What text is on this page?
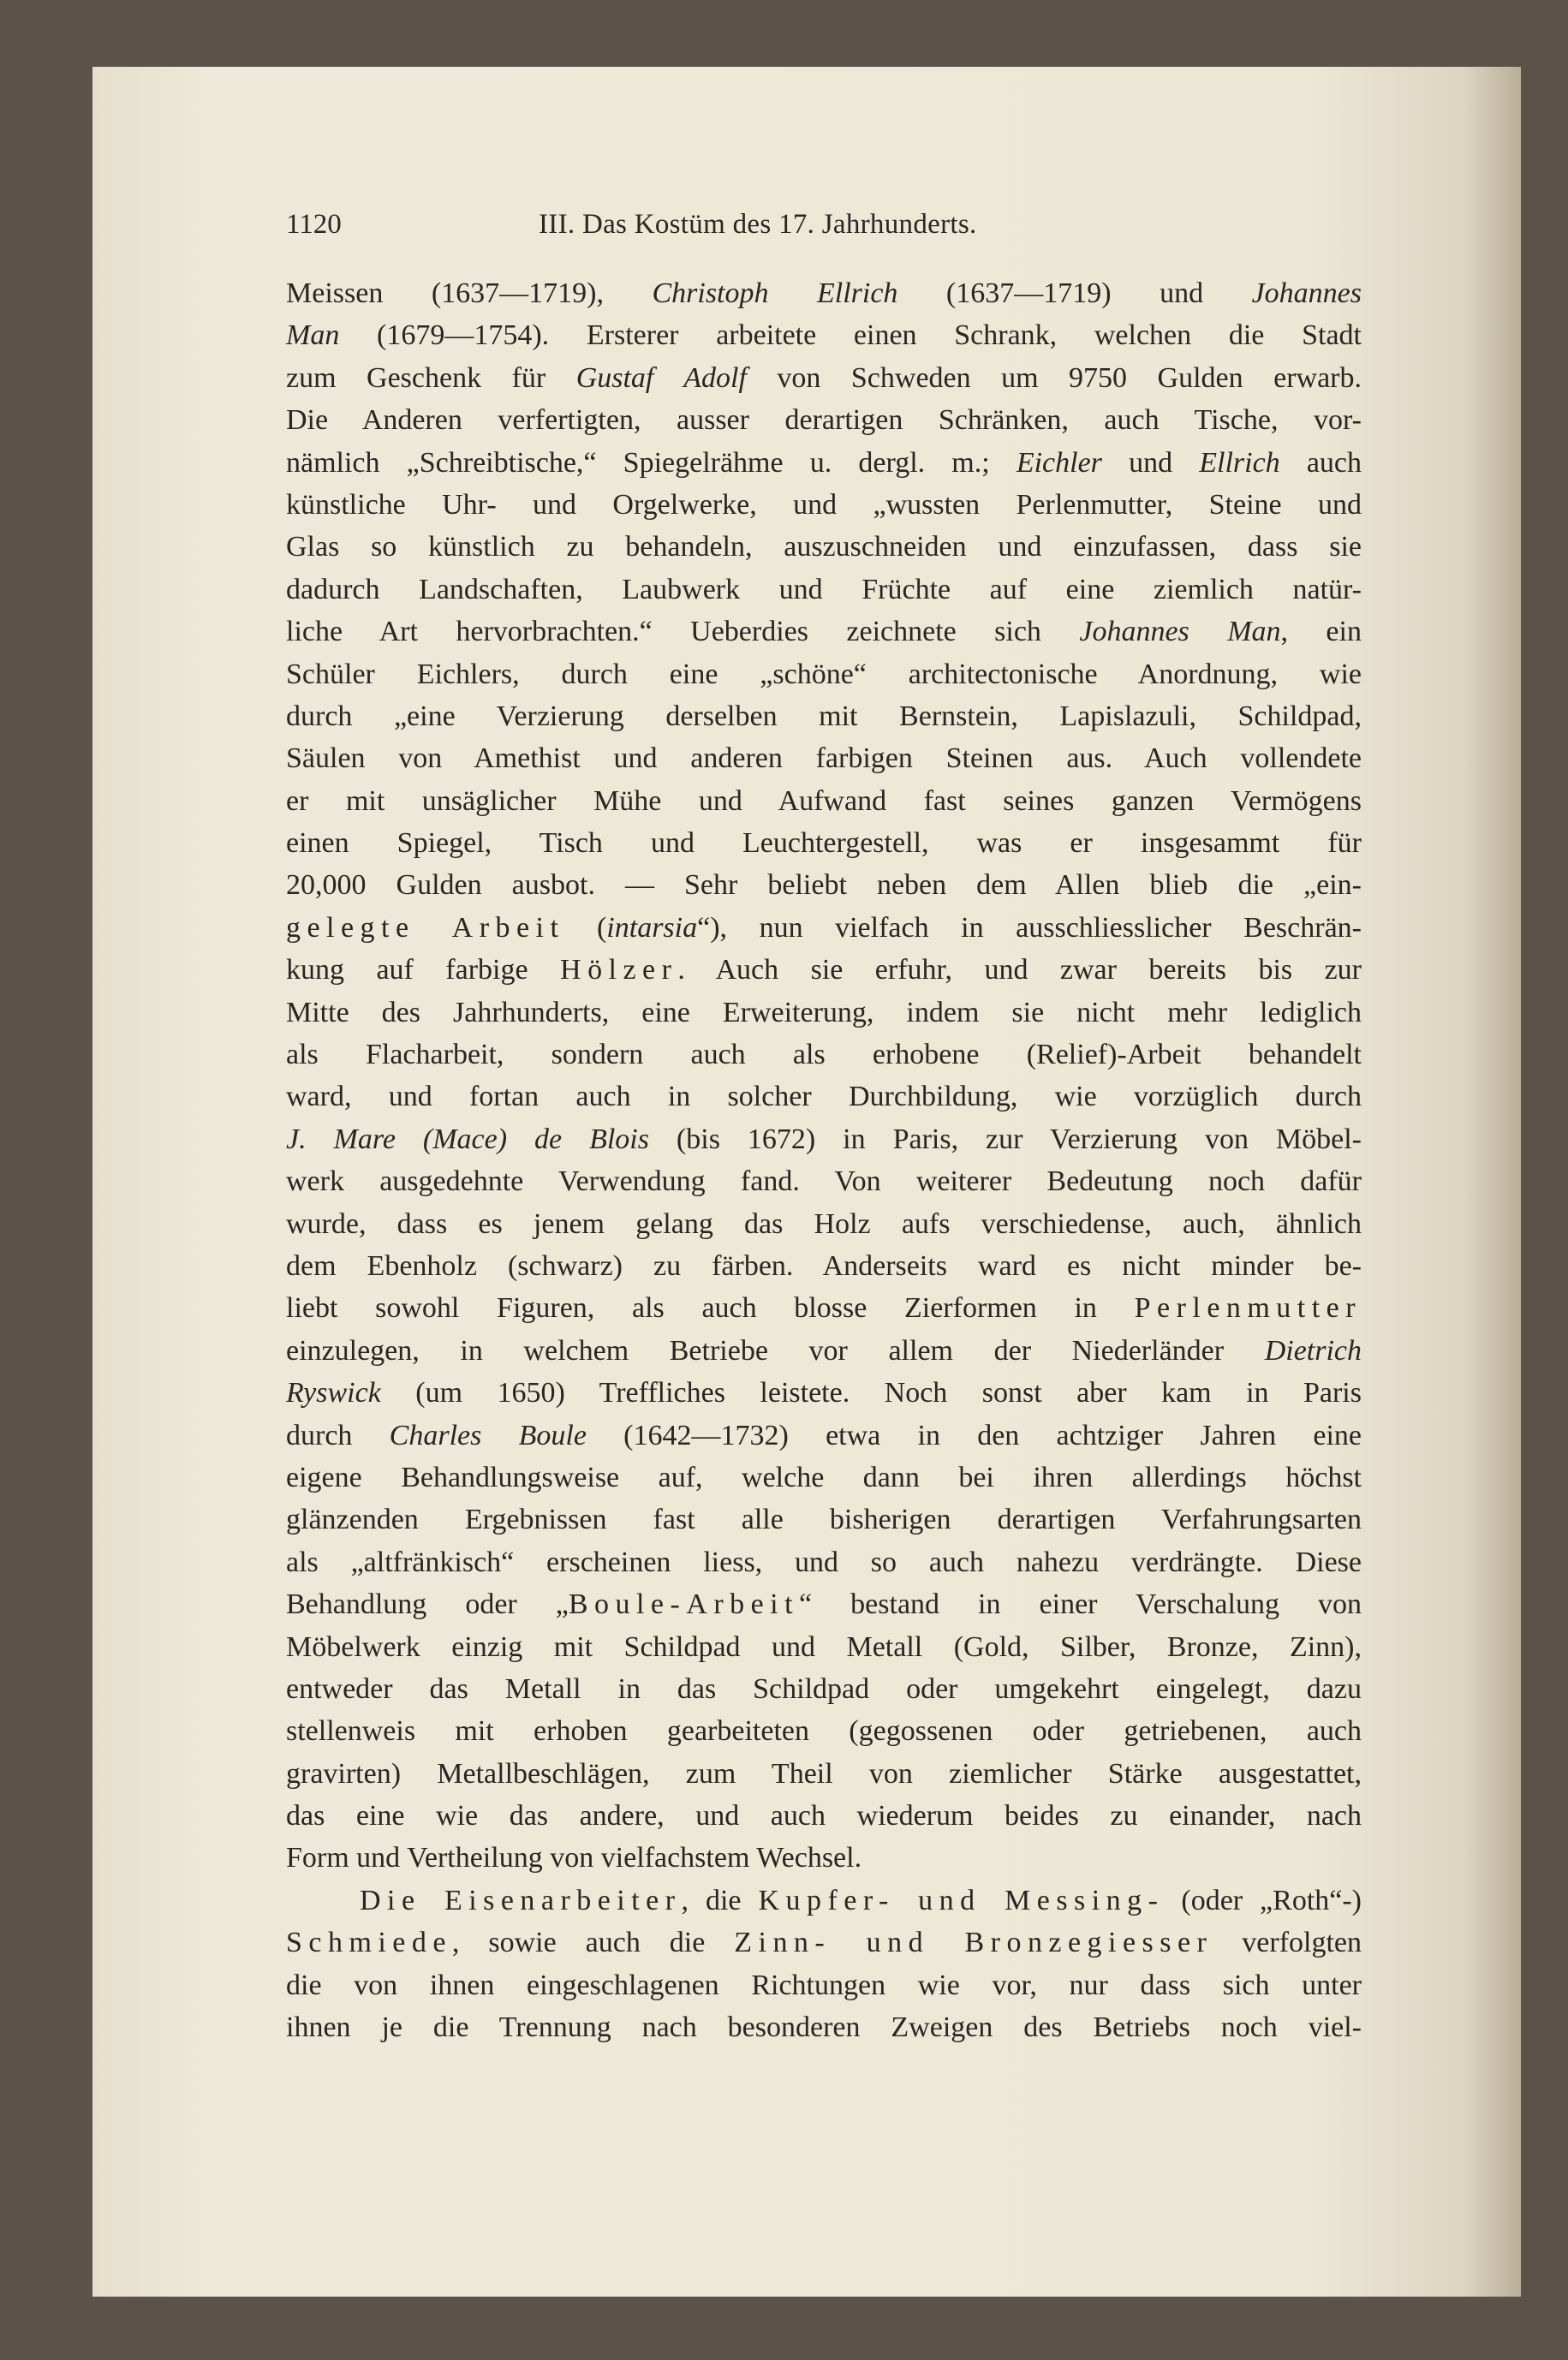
1120	III. Das Kostüm des 17. Jahrhunderts.
Meissen (1637—1719), Christoph Ellrich (1637—1719) und Johannes
Man (1679—1754). Ersterer arbeitete einen Schrank, welchen die Stadt
zum Geschenk für Gustaf Adolf von Schweden um 9750 Gulden erwarb.
Die Anderen verfertigten, ausser derartigen Schränken, auch Tische, vor-
nämlich „Schreibtische,“ Spiegelrähme u. dergl. m.; Eichler und Ellrich auch
künstliche Uhr- und Orgelwerke, und „wussten Perlenmutter, Steine und
Glas so künstlich zu behandeln, auszuschneiden und einzufassen, dass sie
dadurch Landschaften, Laubwerk und Früchte auf eine ziemlich natür-
liche Art hervorbrachten.“ Ueberdies zeichnete sich Johannes Man, ein
Schüler Eichlers, durch eine „schöne“ architectonische Anordnung, wie
durch „eine Verzierung derselben mit Bernstein, Lapislazuli, Schildpad,
Säulen von Amethist und anderen farbigen Steinen aus. Auch vollendete
er mit unsäglicher Mühe und Aufwand fast seines ganzen Vermögens
einen Spiegel, Tisch und Leuchtergestell, was er insgesammt für
20,000 Gulden ausbot. — Sehr beliebt neben dem Allen blieb die „ein-
gelegte Arbeit (intarsia“), nun vielfach in ausschliesslicher Beschrän-
kung auf farbige Hölzer. Auch sie erfuhr, und zwar bereits bis zur
Mitte des Jahrhunderts, eine Erweiterung, indem sie nicht mehr lediglich
als Flacharbeit, sondern auch als erhobene (Relief)-Arbeit behandelt
ward, und fortan auch in solcher Durchbildung, wie vorzüglich durch
J. Mare (Mace) de Blois (bis 1672) in Paris, zur Verzierung von Möbel-
werk ausgedehnte Verwendung fand. Von weiterer Bedeutung noch dafür
wurde, dass es jenem gelang das Holz aufs verschiedense, auch, ähnlich
dem Ebenholz (schwarz) zu färben. Anderseits ward es nicht minder be-
liebt sowohl Figuren, als auch blosse Zierformen in Perlenmutter
einzulegen, in welchem Betriebe vor allem der Niederländer Dietrich
Ryswick (um 1650) Treffliches leistete. Noch sonst aber kam in Paris
durch Charles Boule (1642—1732) etwa in den achtziger Jahren eine
eigene Behandlungsweise auf, welche dann bei ihren allerdings höchst
glänzenden Ergebnissen fast alle bisherigen derartigen Verfahrungsarten
als „altfränkisch“ erscheinen liess, und so auch nahezu verdrängte. Diese
Behandlung oder „Boule-Arbeit“ bestand in einer Verschalung von
Möbelwerk einzig mit Schildpad und Metall (Gold, Silber, Bronze, Zinn),
entweder das Metall in das Schildpad oder umgekehrt eingelegt, dazu
stellenweis mit erhoben gearbeiteten (gegossenen oder getriebenen, auch
gravirten) Metallbeschlägen, zum Theil von ziemlicher Stärke ausgestattet,
das eine wie das andere, und auch wiederum beides zu einander, nach
Form und Vertheilung von vielfachstem Wechsel.
Die Eisenarbeiter, die Kupfer- und Messing- (oder „Roth“-)
Schmiede, sowie auch die Zinn- und Bronzegiesser verfolgten
die von ihnen eingeschlagenen Richtungen wie vor, nur dass sich unter
ihnen je die Trennung nach besonderen Zweigen des Betriebs noch viel-
